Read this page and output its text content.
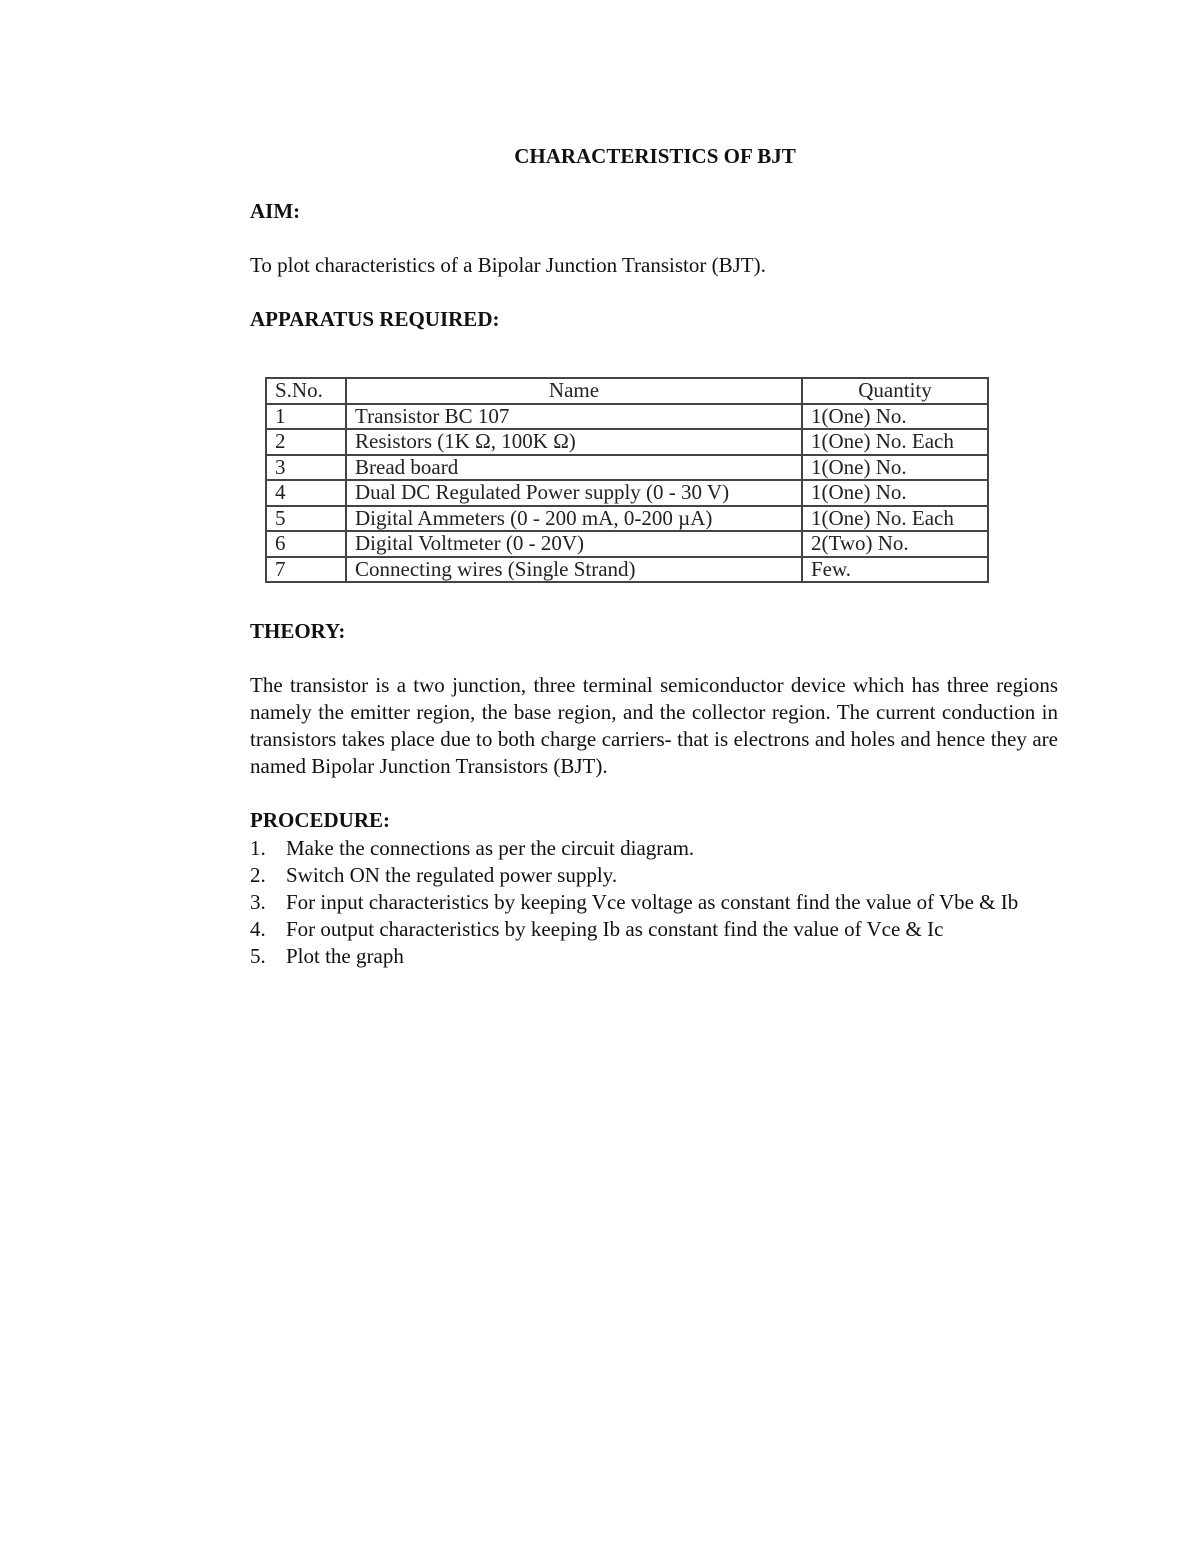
CHARACTERISTICS OF BJT
AIM:
To plot characteristics of a Bipolar Junction Transistor (BJT).
APPARATUS REQUIRED:
S.No.	Name	Quantity
1	Transistor BC 107	1(One) No.
2	Resistors (1K Ω, 100K Ω)	1(One) No. Each
3	Bread board	1(One) No.
4	Dual DC Regulated Power supply (0 - 30 V)	1(One) No.
5	Digital Ammeters (0 - 200 mA, 0-200 µA)	1(One) No. Each
6	Digital Voltmeter (0 - 20V)	2(Two) No.
7	Connecting wires (Single Strand)	Few.
THEORY:
The transistor is a two junction, three terminal semiconductor device which has three regions namely the emitter region, the base region, and the collector region. The current conduction in transistors takes place due to both charge carriers- that is electrons and holes and hence they are named Bipolar Junction Transistors (BJT).
PROCEDURE:
1. Make the connections as per the circuit diagram.
2. Switch ON the regulated power supply.
3. For input characteristics by keeping Vce voltage as constant find the value of Vbe & Ib
4. For output characteristics by keeping Ib as constant find the value of Vce & Ic
5. Plot the graph
